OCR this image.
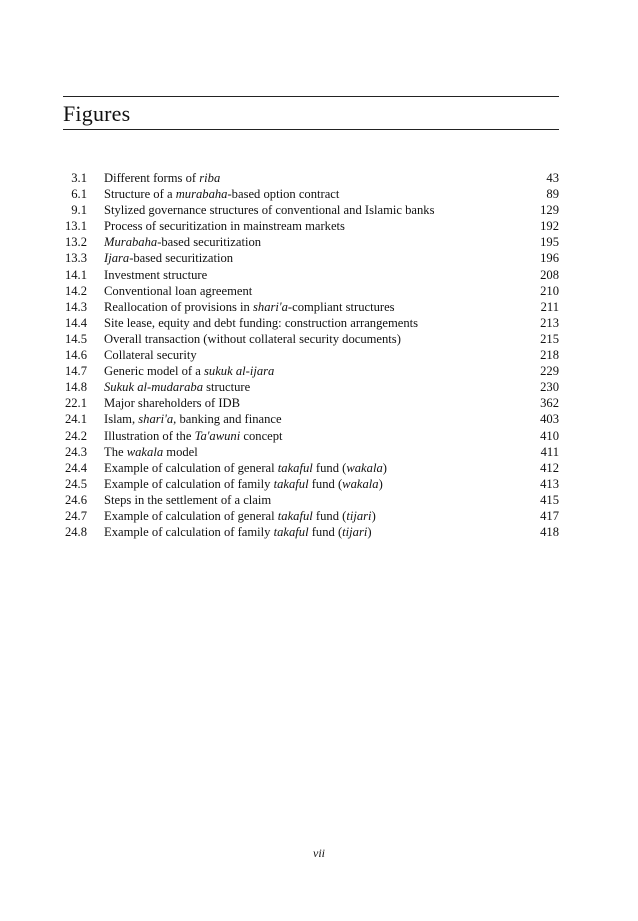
Figures
3.1 Different forms of riba	43
6.1 Structure of a murabaha-based option contract	89
9.1 Stylized governance structures of conventional and Islamic banks	129
13.1 Process of securitization in mainstream markets	192
13.2 Murabaha-based securitization	195
13.3 Ijara-based securitization	196
14.1 Investment structure	208
14.2 Conventional loan agreement	210
14.3 Reallocation of provisions in shari'a-compliant structures	211
14.4 Site lease, equity and debt funding: construction arrangements	213
14.5 Overall transaction (without collateral security documents)	215
14.6 Collateral security	218
14.7 Generic model of a sukuk al-ijara	229
14.8 Sukuk al-mudaraba structure	230
22.1 Major shareholders of IDB	362
24.1 Islam, shari'a, banking and finance	403
24.2 Illustration of the Ta'awuni concept	410
24.3 The wakala model	411
24.4 Example of calculation of general takaful fund (wakala)	412
24.5 Example of calculation of family takaful fund (wakala)	413
24.6 Steps in the settlement of a claim	415
24.7 Example of calculation of general takaful fund (tijari)	417
24.8 Example of calculation of family takaful fund (tijari)	418
vii
